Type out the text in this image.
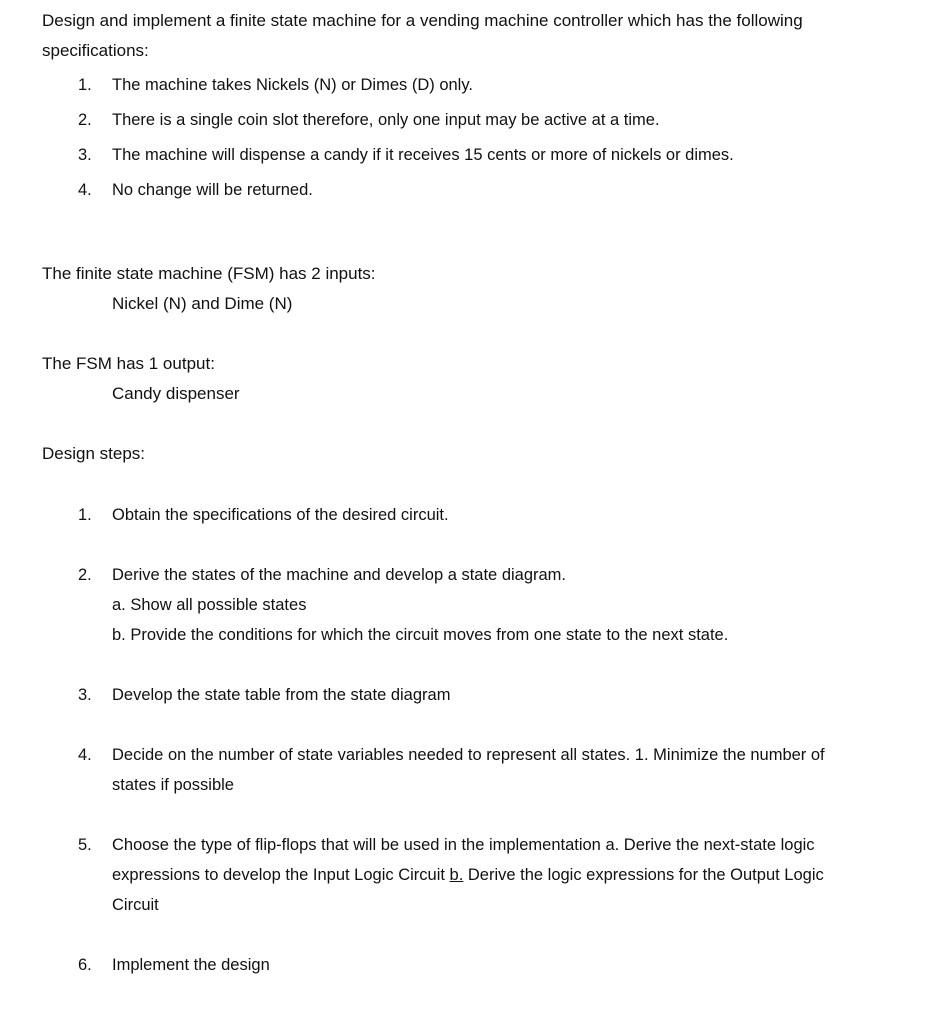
Design and implement a finite state machine for a vending machine controller which has the following specifications:

1.	The machine takes Nickels (N) or Dimes (D) only.
2.	There is a single coin slot therefore, only one input may be active at a time.
3.	The machine will dispense a candy if it receives 15 cents or more of nickels or dimes.
4.	No change will be returned.

The finite state machine (FSM) has 2 inputs:

Nickel (N) and Dime (N)

The FSM has 1 output:

Candy dispenser

Design steps:

1.	Obtain the specifications of the desired circuit.
2.	Derive the states of the machine and develop a state diagram.
a. Show all possible states
b. Provide the conditions for which the circuit moves from one state to the next state.
3.	Develop the state table from the state diagram
4.	Decide on the number of state variables needed to represent all states. 1. Minimize the number of states if possible
5.	Choose the type of flip-flops that will be used in the implementation a. Derive the next-state logic expressions to develop the Input Logic Circuit b. Derive the logic expressions for the Output Logic Circuit
6.	Implement the design
